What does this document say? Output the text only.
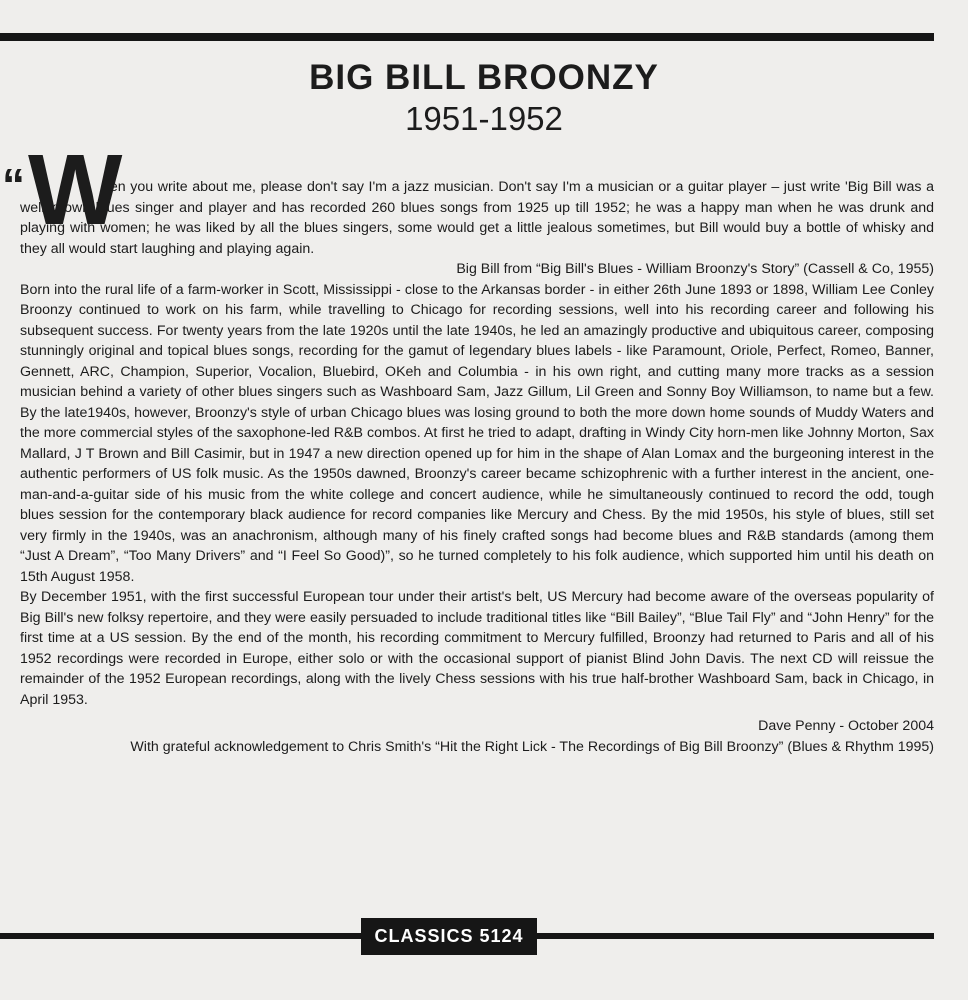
BIG BILL BROONZY
1951-1952
“ W

hen you write about me, please don't say I'm a jazz musician. Don't say I'm a musician or a guitar player – just write 'Big Bill was a well-known blues singer and player and has recorded 260 blues songs from 1925 up till 1952; he was a happy man when he was drunk and playing with women; he was liked by all the blues singers, some would get a little jealous sometimes, but Bill would buy a bottle of whisky and they all would start laughing and playing again.

Big Bill from “Big Bill's Blues - William Broonzy's Story” (Cassell & Co, 1955)

Born into the rural life of a farm-worker in Scott, Mississippi - close to the Arkansas border - in either 26th June 1893 or 1898, William Lee Conley Broonzy continued to work on his farm, while travelling to Chicago for recording sessions, well into his recording career and following his subsequent success. For twenty years from the late 1920s until the late 1940s, he led an amazingly productive and ubiquitous career, composing stunningly original and topical blues songs, recording for the gamut of legendary blues labels - like Paramount, Oriole, Perfect, Romeo, Banner, Gennett, ARC, Champion, Superior, Vocalion, Bluebird, OKeh and Columbia - in his own right, and cutting many more tracks as a session musician behind a variety of other blues singers such as Washboard Sam, Jazz Gillum, Lil Green and Sonny Boy Williamson, to name but a few. By the late1940s, however, Broonzy's style of urban Chicago blues was losing ground to both the more down home sounds of Muddy Waters and the more commercial styles of the saxophone-led R&B combos. At first he tried to adapt, drafting in Windy City horn-men like Johnny Morton, Sax Mallard, J T Brown and Bill Casimir, but in 1947 a new direction opened up for him in the shape of Alan Lomax and the burgeoning interest in the authentic performers of US folk music. As the 1950s dawned, Broonzy's career became schizophrenic with a further interest in the ancient, one-man-and-a-guitar side of his music from the white college and concert audience, while he simultaneously continued to record the odd, tough blues session for the contemporary black audience for record companies like Mercury and Chess. By the mid 1950s, his style of blues, still set very firmly in the 1940s, was an anachronism, although many of his finely crafted songs had become blues and R&B standards (among them “Just A Dream”, “Too Many Drivers” and “I Feel So Good)”, so he turned completely to his folk audience, which supported him until his death on 15th August 1958.

By December 1951, with the first successful European tour under their artist's belt, US Mercury had become aware of the overseas popularity of Big Bill's new folksy repertoire, and they were easily persuaded to include traditional titles like “Bill Bailey”, “Blue Tail Fly” and “John Henry” for the first time at a US session. By the end of the month, his recording commitment to Mercury fulfilled, Broonzy had returned to Paris and all of his 1952 recordings were recorded in Europe, either solo or with the occasional support of pianist Blind John Davis. The next CD will reissue the remainder of the 1952 European recordings, along with the lively Chess sessions with his true half-brother Washboard Sam, back in Chicago, in April 1953.

Dave Penny - October 2004

With grateful acknowledgement to Chris Smith's “Hit the Right Lick - The Recordings of Big Bill Broonzy” (Blues & Rhythm 1995)

CLASSICS 5124
